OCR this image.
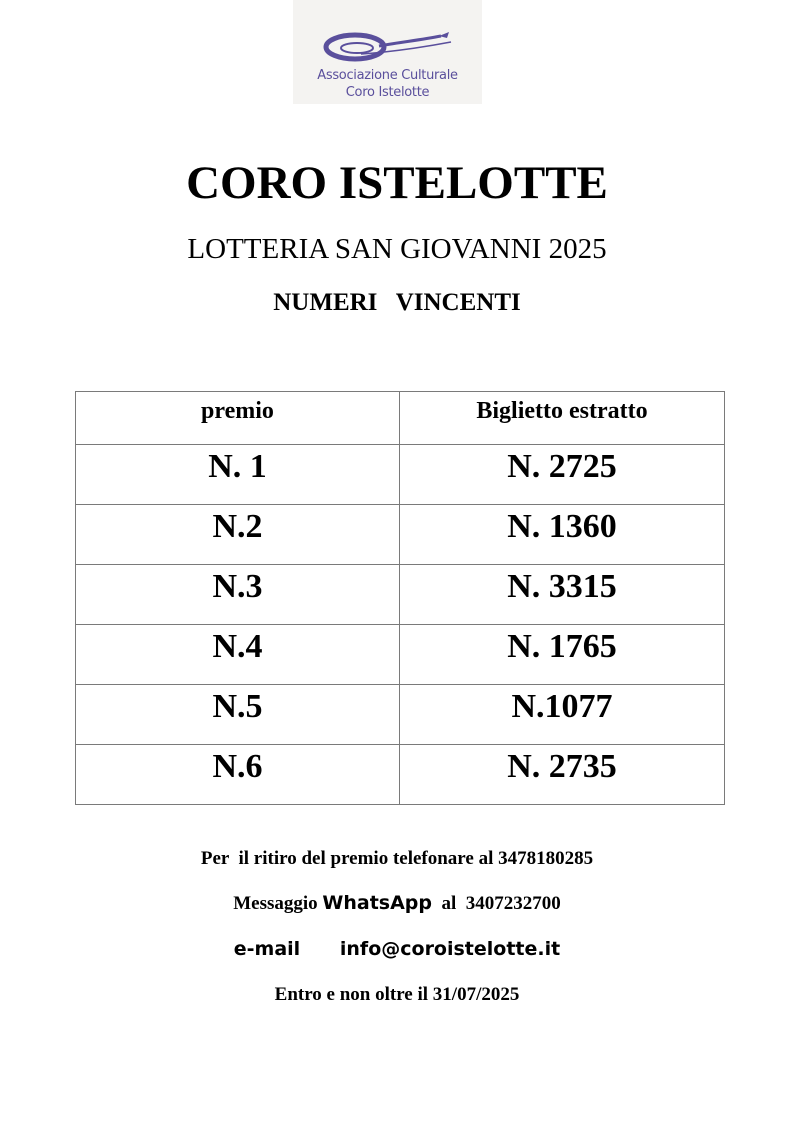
Associazione Culturale
Coro Istelotte
CORO ISTELOTTE
LOTTERIA SAN GIOVANNI 2025
NUMERI   VINCENTI
premio	Biglietto estratto
N. 1	N. 2725
N.2	N. 1360
N.3	N. 3315
N.4	N. 1765
N.5	N.1077
N.6	N. 2735
Per  il ritiro del premio telefonare al 3478180285
Messaggio WhatsApp  al  3407232700
e-mail info@coroistelotte.it
Entro e non oltre il 31/07/2025
